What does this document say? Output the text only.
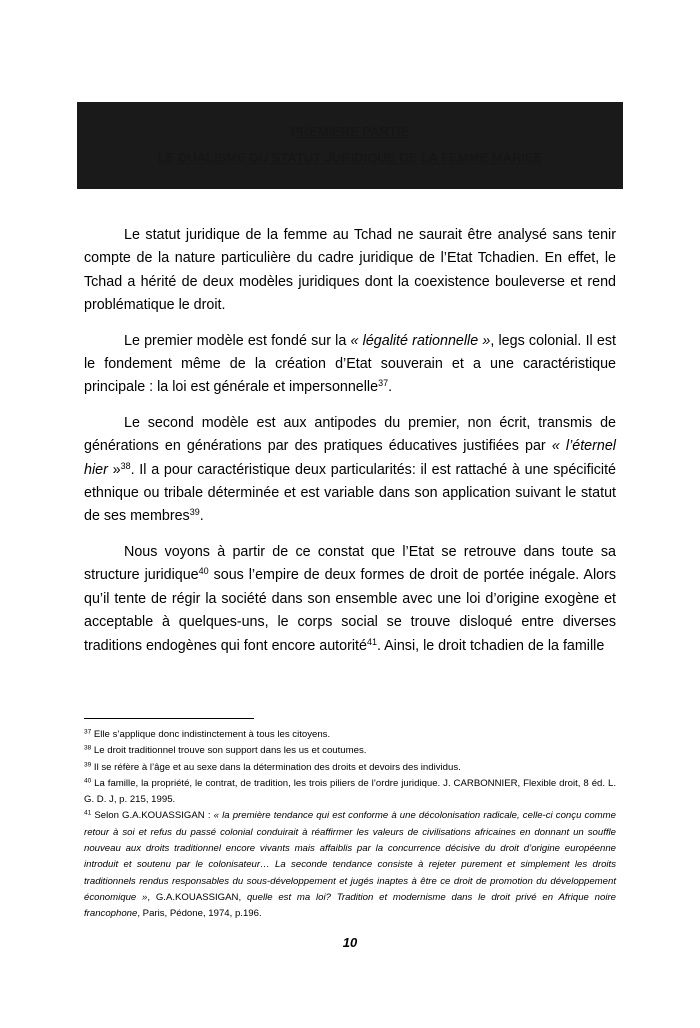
PREMIERE PARTIE
LE DUALISME DU STATUT JURIDIQUE DE LA FEMME MARIEE

Le statut juridique de la femme au Tchad ne saurait être analysé sans tenir compte de la nature particulière du cadre juridique de l’Etat Tchadien. En effet, le Tchad a hérité de deux modèles juridiques dont la coexistence bouleverse et rend problématique le droit.

Le premier modèle est fondé sur la « légalité rationnelle », legs colonial. Il est le fondement même de la création d’Etat souverain et a une caractéristique principale : la loi est générale et impersonnelle$^{37}$.

Le second modèle est aux antipodes du premier, non écrit, transmis de générations en générations par des pratiques éducatives justifiées par « l’éternel hier »$^{38}$. Il a pour caractéristique deux particularités: il est rattaché à une spécificité ethnique ou tribale déterminée et est variable dans son application suivant le statut de ses membres$^{39}$.

Nous voyons à partir de ce constat que l’Etat se retrouve dans toute sa structure juridique$^{40}$ sous l’empire de deux formes de droit de portée inégale. Alors qu’il tente de régir la société dans son ensemble avec une loi d’origine exogène et acceptable à quelques-uns, le corps social se trouve disloqué entre diverses traditions endogènes qui font encore autorité$^{41}$. Ainsi, le droit tchadien de la famille

$^{37}$ Elle s’applique donc indistinctement à tous les citoyens.

$^{38}$ Le droit traditionnel trouve son support dans les us et coutumes.

$^{39}$ Il se réfère à l’âge et au sexe dans la détermination des droits et devoirs des individus.

$^{40}$ La famille, la propriété, le contrat, de tradition, les trois piliers de l’ordre juridique. J. CARBONNIER, Flexible droit, 8 éd. L. G. D. J, p. 215, 1995.

$^{41}$ Selon G.A.KOUASSIGAN : « la première tendance qui est conforme à une décolonisation radicale, celle-ci conçu comme retour à soi et refus du passé colonial conduirait à réaffirmer les valeurs de civilisations africaines en donnant un souffle nouveau aux droits traditionnel encore vivants mais affaiblis par la concurrence décisive du droit d’origine européenne introduit et soutenu par le colonisateur… La seconde tendance consiste à rejeter purement et simplement les droits traditionnels rendus responsables du sous-développement et jugés inaptes à être ce droit de promotion du développement économique », G.A.KOUASSIGAN, quelle est ma loi? Tradition et modernisme dans le droit privé en Afrique noire francophone, Paris, Pédone, 1974, p.196.

10
